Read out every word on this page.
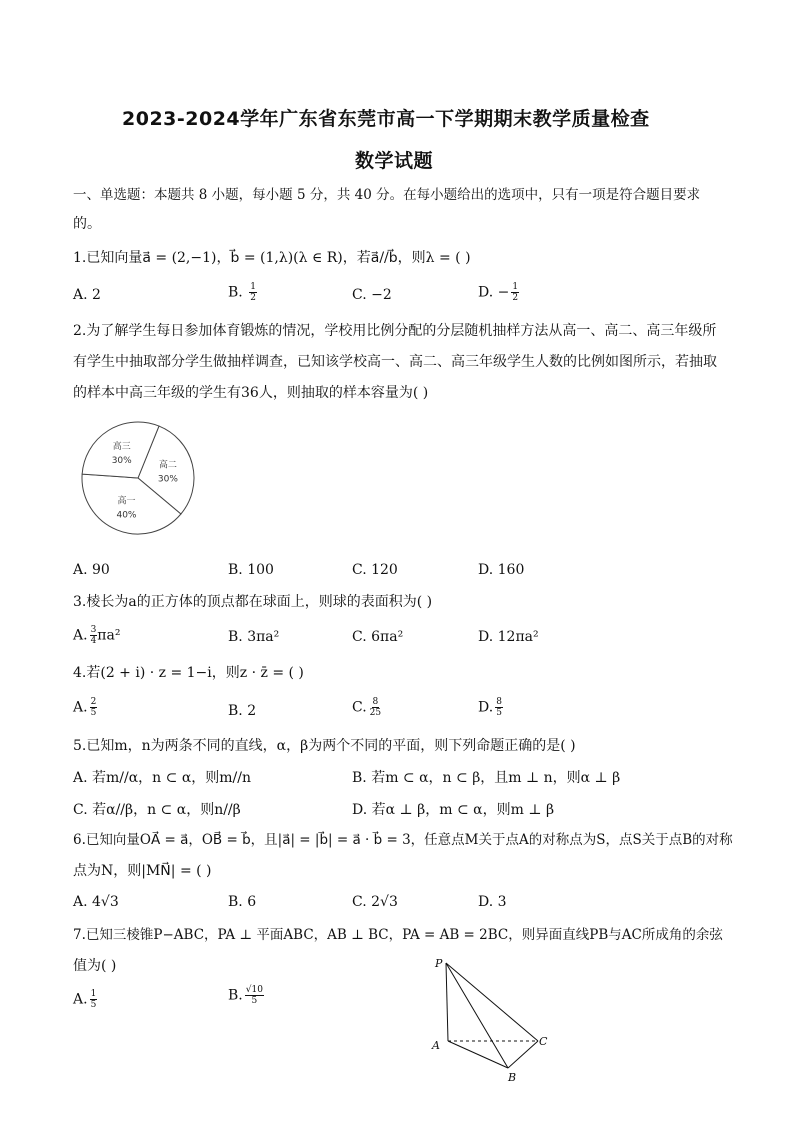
2023-2024学年广东省东莞市高一下学期期末教学质量检查
数学试题
一、单选题：本题共 8 小题，每小题 5 分，共 40 分。在每小题给出的选项中，只有一项是符合题目要求
的。
1.已知向量a⃗ = (2,−1)，b⃗ = (1,λ)(λ ∈ R)，若a⃗//b⃗，则λ = ( )
A. 2	B. $\frac{1}{2}$	C. −2	D. − $\frac{1}{2}$
2.为了解学生每日参加体育锻炼的情况，学校用比例分配的分层随机抽样方法从高一、高二、高三年级所
有学生中抽取部分学生做抽样调查，已知该学校高一、高二、高三年级学生人数的比例如图所示，若抽取
的样本中高三年级的学生有36人，则抽取的样本容量为( )
高二
30%
高一
40%
高三
30%
A. 90	B. 100	C. 120	D. 160
3.棱长为a的正方体的顶点都在球面上，则球的表面积为( )
A. $\frac{3}{4} \pi a^2$	B. 3πa²	C. 6πa²	D. 12πa²
4.若(2 + i) · z = 1−i，则z · z̄ = ( )
A. $\frac{2}{5}$	B. 2	C. $\frac{8}{25}$	D. $\frac{8}{5}$
5.已知m，n为两条不同的直线，α，β为两个不同的平面，则下列命题正确的是( )
A. 若m//α，n ⊂ α，则m//n	B. 若m ⊂ α，n ⊂ β，且m ⊥ n，则α ⊥ β
C. 若α//β，n ⊂ α，则n//β	D. 若α ⊥ β，m ⊂ α，则m ⊥ β
6.已知向量OA⃗ = a⃗，OB⃗ = b⃗，且|a⃗| = |b⃗| = a⃗ · b⃗ = 3，任意点M关于点A的对称点为S，点S关于点B的对称
点为N，则|MN⃗| = ( )
A. 4√3	B. 6	C. 2√3	D. 3
7.已知三棱锥P−ABC，PA ⊥ 平面ABC，AB ⊥ BC，PA = AB = 2BC，则异面直线PB与AC所成角的余弦
值为( )
A. $\frac{1}{5}$	B. $\frac{√10}{5}$
P
A
B
C
